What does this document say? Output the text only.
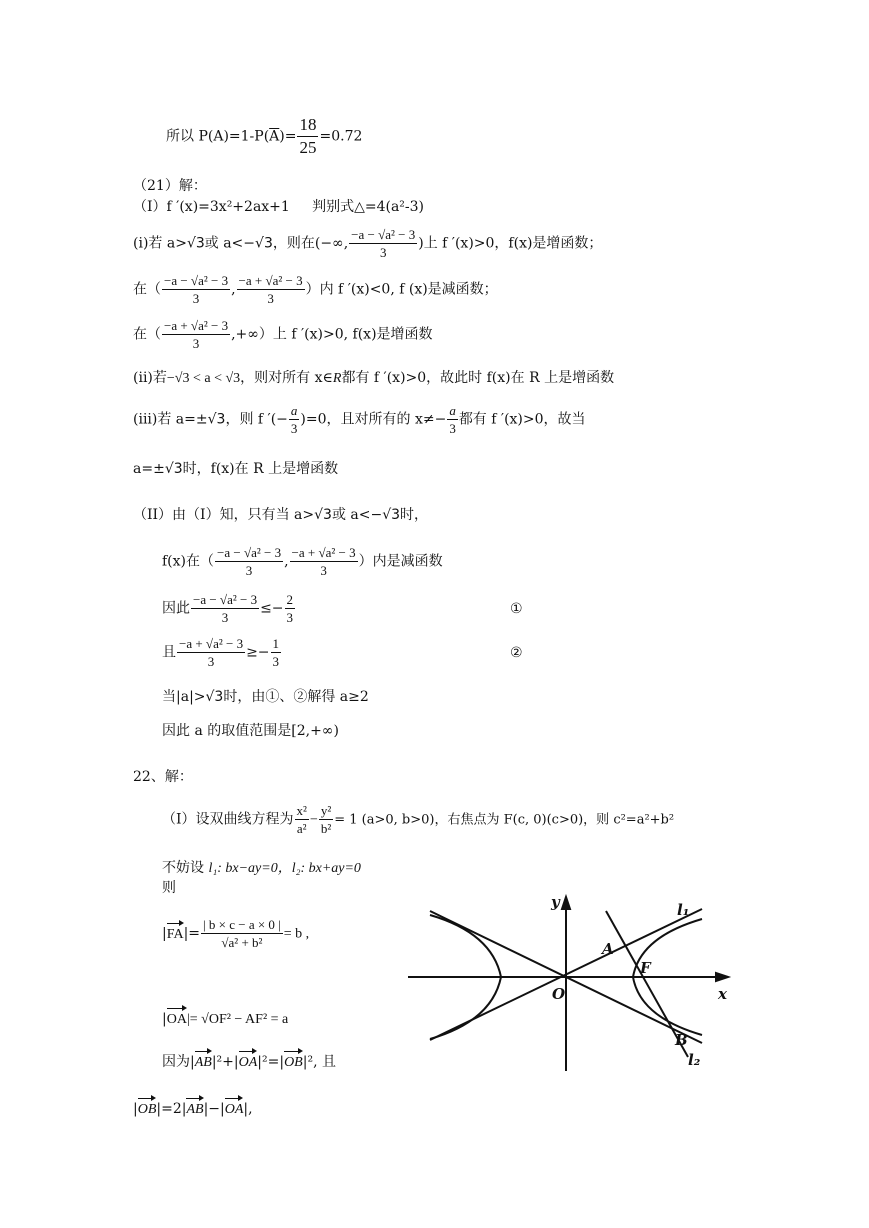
所以 $P(A)=1-P(\overline{A})= \frac{18}{25} =0.72$
（21）解：
（I）f ′(x)=3x²+2ax+1 判别式△=4(a²-3)
(i)若 a>√3或 a<−√3，则在(−∞, $\frac{\text{−a − √a² − 3}}{3}$ )上 f ′(x)>0，f(x)是增函数；
在（ $\frac{\text{−a − √a² − 3}}{3}$ , $\frac{\text{−a + √a² − 3}}{3}$ ）内 f ′(x)<0, f (x)是减函数；
在（ $\frac{\text{−a + √a² − 3}}{3}$ ,+∞）上 f ′(x)>0, f(x)是增函数
(ii)若−√3 < a < √3，则对所有 x∈R都有 f ′(x)>0，故此时 f(x)在 R 上是增函数
(iii)若 a=±√3，则 f ′(− $\frac{a}{3} )=0$，且对所有的 $x\ne- \frac{a}{3}$ 都有 f ′(x)>0，故当
a=±√3时，f(x)在 R 上是增函数
（II）由（I）知，只有当 a>√3或 a<−√3时，
f(x)在（ $\frac{\text{−a − √a² − 3}}{3}$ , $\frac{\text{−a + √a² − 3}}{3}$ ）内是减函数
因此 $\frac{\text{−a − √a² − 3}}{3} \le- \frac{2}{3}$	①
且 $\frac{\text{−a + √a² − 3}}{3} \ge- \frac{1}{3}$	②
当|a|>√3时，由①、②解得 a≥2
因此 a 的取值范围是[2,+∞)
22、解：
（Ⅰ）设双曲线方程为 $\frac{\text{x²}}{\text{a²}} - \frac{\text{y²}}{\text{b²}} = 1$ (a>0, b>0)，右焦点为 F(c, 0)(c>0)，则 c²=a²+b²
不妨设 l₁: bx−ay=0，l₂: bx+ay=0
则
$|FA|= \frac{| b \times c - a \times 0 |}{\text{√a² + b²}} = b$ ,
|OA|= √OF² − AF² = a
因为|AB|²+|OA|²=|OB|², 且
|OB|=2|AB|−|OA|,
y
x
O
A
F
B
l₁
l₂
